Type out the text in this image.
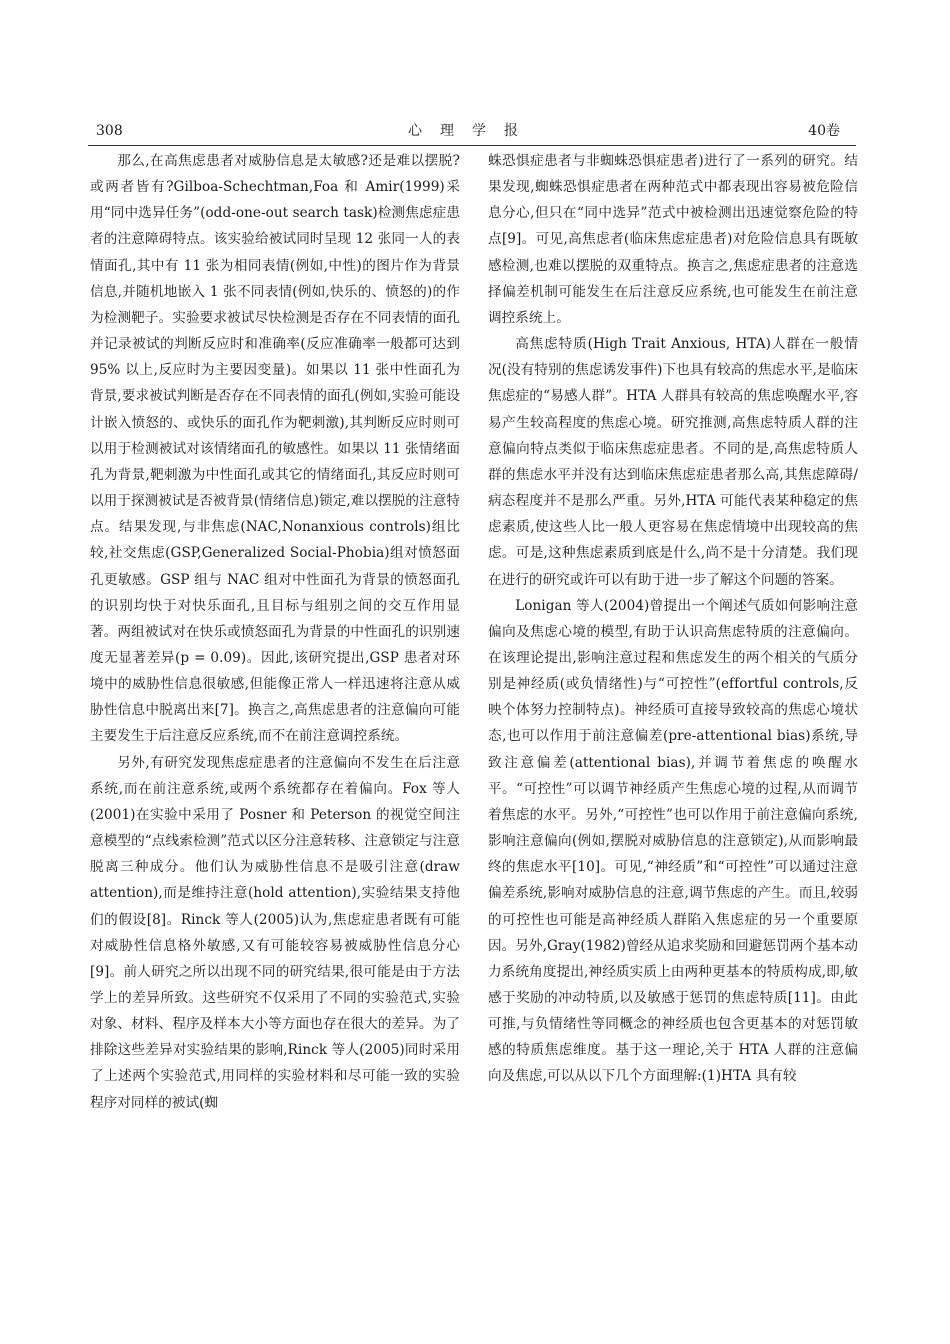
308	心理学报	40卷

那么,在高焦虑患者对威胁信息是太敏感?还是难以摆脱?或两者皆有?Gilboa-Schechtman,Foa 和 Amir(1999)采用“同中选异任务”(odd-one-out search task)检测焦虑症患者的注意障碍特点。该实验给被试同时呈现 12 张同一人的表情面孔,其中有 11 张为相同表情(例如,中性)的图片作为背景信息,并随机地嵌入 1 张不同表情(例如,快乐的、愤怒的)的作为检测靶子。实验要求被试尽快检测是否存在不同表情的面孔并记录被试的判断反应时和准确率(反应准确率一般都可达到 95% 以上,反应时为主要因变量)。如果以 11 张中性面孔为背景,要求被试判断是否存在不同表情的面孔(例如,实验可能设计嵌入愤怒的、或快乐的面孔作为靶刺激),其判断反应时则可以用于检测被试对该情绪面孔的敏感性。如果以 11 张情绪面孔为背景,靶刺激为中性面孔或其它的情绪面孔,其反应时则可以用于探测被试是否被背景(情绪信息)锁定,难以摆脱的注意特点。结果发现,与非焦虑(NAC,Nonanxious controls)组比较,社交焦虑(GSP,Generalized Social-Phobia)组对愤怒面孔更敏感。GSP 组与 NAC 组对中性面孔为背景的愤怒面孔的识别均快于对快乐面孔,且目标与组别之间的交互作用显著。两组被试对在快乐或愤怒面孔为背景的中性面孔的识别速度无显著差异(p = 0.09)。因此,该研究提出,GSP 患者对环境中的威胁性信息很敏感,但能像正常人一样迅速将注意从威胁性信息中脱离出来[7]。换言之,高焦虑患者的注意偏向可能主要发生于后注意反应系统,而不在前注意调控系统。

另外,有研究发现焦虑症患者的注意偏向不发生在后注意系统,而在前注意系统,或两个系统都存在着偏向。Fox 等人(2001)在实验中采用了 Posner 和 Peterson 的视觉空间注意模型的“点线索检测”范式以区分注意转移、注意锁定与注意脱离三种成分。他们认为威胁性信息不是吸引注意(draw attention),而是维持注意(hold attention),实验结果支持他们的假设[8]。Rinck 等人(2005)认为,焦虑症患者既有可能对威胁性信息格外敏感,又有可能较容易被威胁性信息分心[9]。前人研究之所以出现不同的研究结果,很可能是由于方法学上的差异所致。这些研究不仅采用了不同的实验范式,实验对象、材料、程序及样本大小等方面也存在很大的差异。为了排除这些差异对实验结果的影响,Rinck 等人(2005)同时采用了上述两个实验范式,用同样的实验材料和尽可能一致的实验程序对同样的被试(蜘

蛛恐惧症患者与非蜘蛛恐惧症患者)进行了一系列的研究。结果发现,蜘蛛恐惧症患者在两种范式中都表现出容易被危险信息分心,但只在“同中选异”范式中被检测出迅速觉察危险的特点[9]。可见,高焦虑者(临床焦虑症患者)对危险信息具有既敏感检测,也难以摆脱的双重特点。换言之,焦虑症患者的注意选择偏差机制可能发生在后注意反应系统,也可能发生在前注意调控系统上。

高焦虑特质(High Trait Anxious, HTA)人群在一般情况(没有特别的焦虑诱发事件)下也具有较高的焦虑水平,是临床焦虑症的“易感人群”。HTA 人群具有较高的焦虑唤醒水平,容易产生较高程度的焦虑心境。研究推测,高焦虑特质人群的注意偏向特点类似于临床焦虑症患者。不同的是,高焦虑特质人群的焦虑水平并没有达到临床焦虑症患者那么高,其焦虑障碍/病态程度并不是那么严重。另外,HTA 可能代表某种稳定的焦虑素质,使这些人比一般人更容易在焦虑情境中出现较高的焦虑。可是,这种焦虑素质到底是什么,尚不是十分清楚。我们现在进行的研究或许可以有助于进一步了解这个问题的答案。

Lonigan 等人(2004)曾提出一个阐述气质如何影响注意偏向及焦虑心境的模型,有助于认识高焦虑特质的注意偏向。在该理论提出,影响注意过程和焦虑发生的两个相关的气质分别是神经质(或负情绪性)与“可控性”(effortful controls,反映个体努力控制特点)。神经质可直接导致较高的焦虑心境状态,也可以作用于前注意偏差(pre-attentional bias)系统,导致注意偏差(attentional bias),并调节着焦虑的唤醒水平。“可控性”可以调节神经质产生焦虑心境的过程,从而调节着焦虑的水平。另外,“可控性”也可以作用于前注意偏向系统,影响注意偏向(例如,摆脱对威胁信息的注意锁定),从而影响最终的焦虑水平[10]。可见,“神经质”和“可控性”可以通过注意偏差系统,影响对威胁信息的注意,调节焦虑的产生。而且,较弱的可控性也可能是高神经质人群陷入焦虑症的另一个重要原因。另外,Gray(1982)曾经从追求奖励和回避惩罚两个基本动力系统角度提出,神经质实质上由两种更基本的特质构成,即,敏感于奖励的冲动特质,以及敏感于惩罚的焦虑特质[11]。由此可推,与负情绪性等同概念的神经质也包含更基本的对惩罚敏感的特质焦虑维度。基于这一理论,关于 HTA 人群的注意偏向及焦虑,可以从以下几个方面理解:(1)HTA 具有较
